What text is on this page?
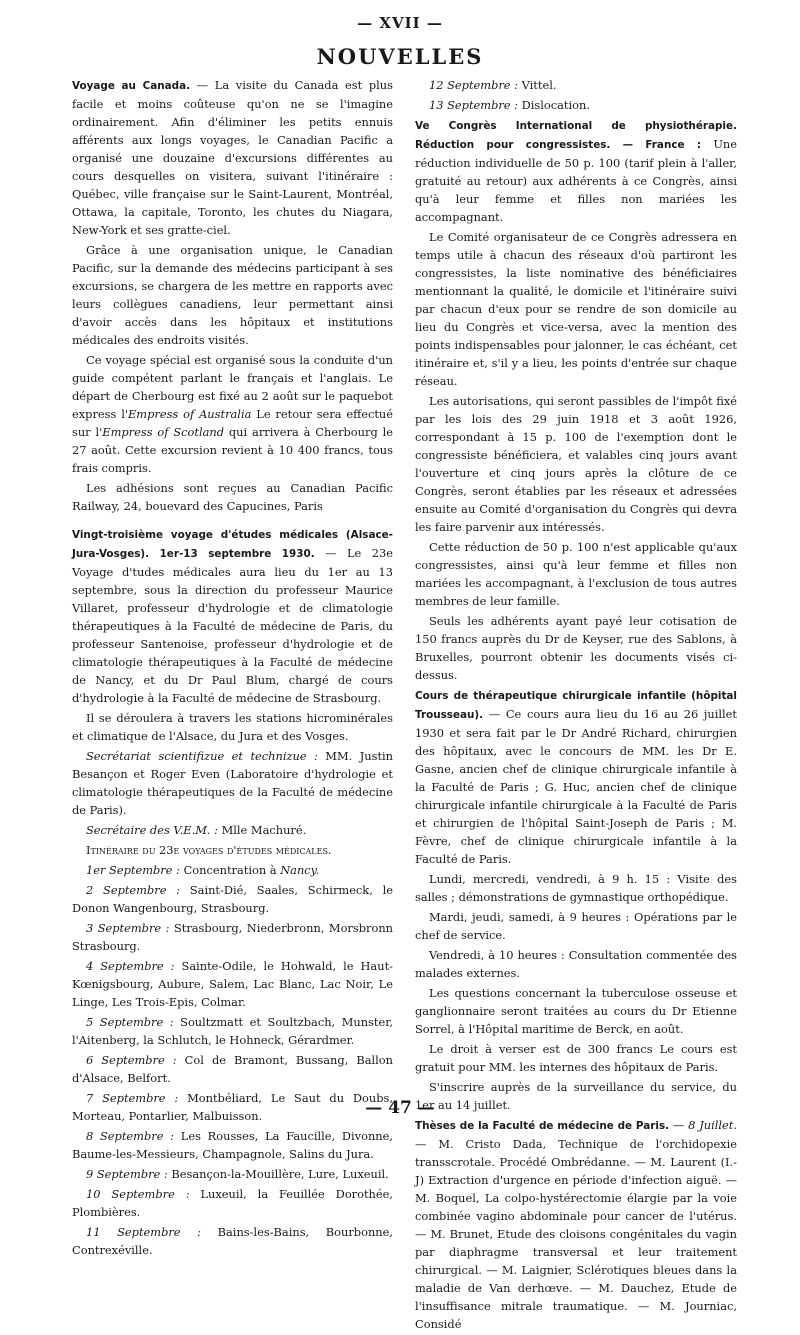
— XVII —
NOUVELLES

Voyage au Canada. — La visite du Canada est plus facile et moins coûteuse qu'on ne se l'imagine ordinairement. Afin d'éliminer les petits ennuis afférents aux longs voyages, le Canadian Pacific a organisé une douzaine d'excursions différentes au cours desquelles on visitera, suivant l'itinéraire : Québec, ville française sur le Saint-Laurent, Montréal, Ottawa, la capitale, Toronto, les chutes du Niagara, New-York et ses gratte-ciel.

Grâce à une organisation unique, le Canadian Pacific, sur la demande des médecins participant à ses excursions, se chargera de les mettre en rapports avec leurs collègues canadiens, leur permettant ainsi d'avoir accès dans les hôpitaux et institutions médicales des endroits visités.

Ce voyage spécial est organisé sous la conduite d'un guide compétent parlant le français et l'anglais. Le départ de Cherbourg est fixé au 2 août sur le paquebot express l'Empress of Australia Le retour sera effectué sur l'Empress of Scotland qui arrivera à Cherbourg le 27 août. Cette excursion revient à 10 400 francs, tous frais compris.

Les adhésions sont reçues au Canadian Pacific Railway, 24, bouevard des Capucines, Paris

Vingt-troisième voyage d'études médicales (Alsace-Jura-Vosges). 1er-13 septembre 1930. — Le 23e Voyage d'tudes médicales aura lieu du 1er au 13 septembre, sous la direction du professeur Maurice Villaret, professeur d'hydrologie et de climatologie thérapeutiques à la Faculté de médecine de Paris, du professeur Santenoise, professeur d'hydrologie et de climatologie thérapeutiques à la Faculté de médecine de Nancy, et du Dr Paul Blum, chargé de cours d'hydrologie à la Faculté de médecine de Strasbourg.

Il se déroulera à travers les stations hicrominérales et climatique de l'Alsace, du Jura et des Vosges.

Secrétariat scientifizue et technizue : MM. Justin Besançon et Roger Even (Laboratoire d'hydrologie et climatologie thérapeutiques de la Faculté de médecine de Paris).

Secrétaire des V.E.M. : Mlle Machuré.

Itinéraire du 23e voyages d'études médicales.

1er Septembre : Concentration à Nancy.

2 Septembre : Saint-Dié, Saales, Schirmeck, le Donon Wangenbourg, Strasbourg.

3 Septembre : Strasbourg, Niederbronn, Morsbronn Strasbourg.

4 Septembre : Sainte-Odile, le Hohwald, le Haut-Kœnigsbourg, Aubure, Salem, Lac Blanc, Lac Noir, Le Linge, Les Trois-Epis, Colmar.

5 Septembre : Soultzmatt et Soultzbach, Munster, l'Aitenberg, la Schlutch, le Hohneck, Gérardmer.

6 Septembre : Col de Bramont, Bussang, Ballon d'Alsace, Belfort.

7 Septembre : Montbéliard, Le Saut du Doubs, Morteau, Pontarlier, Malbuisson.

8 Septembre : Les Rousses, La Faucille, Divonne, Baume-les-Messieurs, Champagnole, Salins du Jura.

9 Septembre : Besançon-la-Mouillère, Lure, Luxeuil.

10 Septembre : Luxeuil, la Feuillée Dorothée, Plombières.

11 Septembre : Bains-les-Bains, Bourbonne, Contrexéville.

12 Septembre : Vittel.

13 Septembre : Dislocation.

Ve Congrès International de physiothérapie. Réduction pour congressistes. — France : Une réduction individuelle de 50 p. 100 (tarif plein à l'aller, gratuité au retour) aux adhérents à ce Congrès, ainsi qu'à leur femme et filles non mariées les accompagnant.

Le Comité organisateur de ce Congrès adressera en temps utile à chacun des réseaux d'où partiront les congressistes, la liste nominative des bénéficiaires mentionnant la qualité, le domicile et l'itinéraire suivi par chacun d'eux pour se rendre de son domicile au lieu du Congrès et vice-versa, avec la mention des points indispensables pour jalonner, le cas échéant, cet itinéraire et, s'il y a lieu, les points d'entrée sur chaque réseau.

Les autorisations, qui seront passibles de l'impôt fixé par les lois des 29 juin 1918 et 3 août 1926, correspondant à 15 p. 100 de l'exemption dont le congressiste bénéficiera, et valables cinq jours avant l'ouverture et cinq jours après la clôture de ce Congrès, seront établies par les réseaux et adressées ensuite au Comité d'organisation du Congrès qui devra les faire parvenir aux intéressés.

Cette réduction de 50 p. 100 n'est applicable qu'aux congressistes, ainsi qu'à leur femme et filles non mariées les accompagnant, à l'exclusion de tous autres membres de leur famille.

Seuls les adhérents ayant payé leur cotisation de 150 francs auprès du Dr de Keyser, rue des Sablons, à Bruxelles, pourront obtenir les documents visés ci-dessus.

Cours de thérapeutique chirurgicale infantile (hôpital Trousseau). — Ce cours aura lieu du 16 au 26 juillet 1930 et sera fait par le Dr André Richard, chirurgien des hôpitaux, avec le concours de MM. les Dr E. Gasne, ancien chef de clinique chirurgicale infantile à la Faculté de Paris ; G. Huc, ancien chef de clinique chirurgicale infantile chirurgicale à la Faculté de Paris et chirurgien de l'hôpital Saint-Joseph de Paris ; M. Fèvre, chef de clinique chirurgicale infantile à la Faculté de Paris.

Lundi, mercredi, vendredi, à 9 h. 15 : Visite des salles ; démonstrations de gymnastique orthopédique.

Mardi, jeudi, samedi, à 9 heures : Opérations par le chef de service.

Vendredi, à 10 heures : Consultation commentée des malades externes.

Les questions concernant la tuberculose osseuse et ganglionnaire seront traitées au cours du Dr Etienne Sorrel, à l'Hôpital maritime de Berck, en août.

Le droit à verser est de 300 francs Le cours est gratuit pour MM. les internes des hôpitaux de Paris.

S'inscrire auprès de la surveillance du service, du 1er au 14 juillet.

Thèses de la Faculté de médecine de Paris. — 8 Juillet. — M. Cristo Dada, Technique de l'orchidopexie transscrotale. Procédé Ombrédanne. — M. Laurent (I.-J) Extraction d'urgence en période d'infection aiguë. — M. Boquel, La colpo-hystérectomie élargie par la voie combinée vagino abdominale pour cancer de l'utérus. — M. Brunet, Etude des cloisons congénitales du vagin par diaphragme transversal et leur traitement chirurgical. — M. Laignier, Sclérotiques bleues dans la maladie de Van derhœve. — M. Dauchez, Etude de l'insuffisance mitrale traumatique. — M. Journiac, Considé

— 47 —
